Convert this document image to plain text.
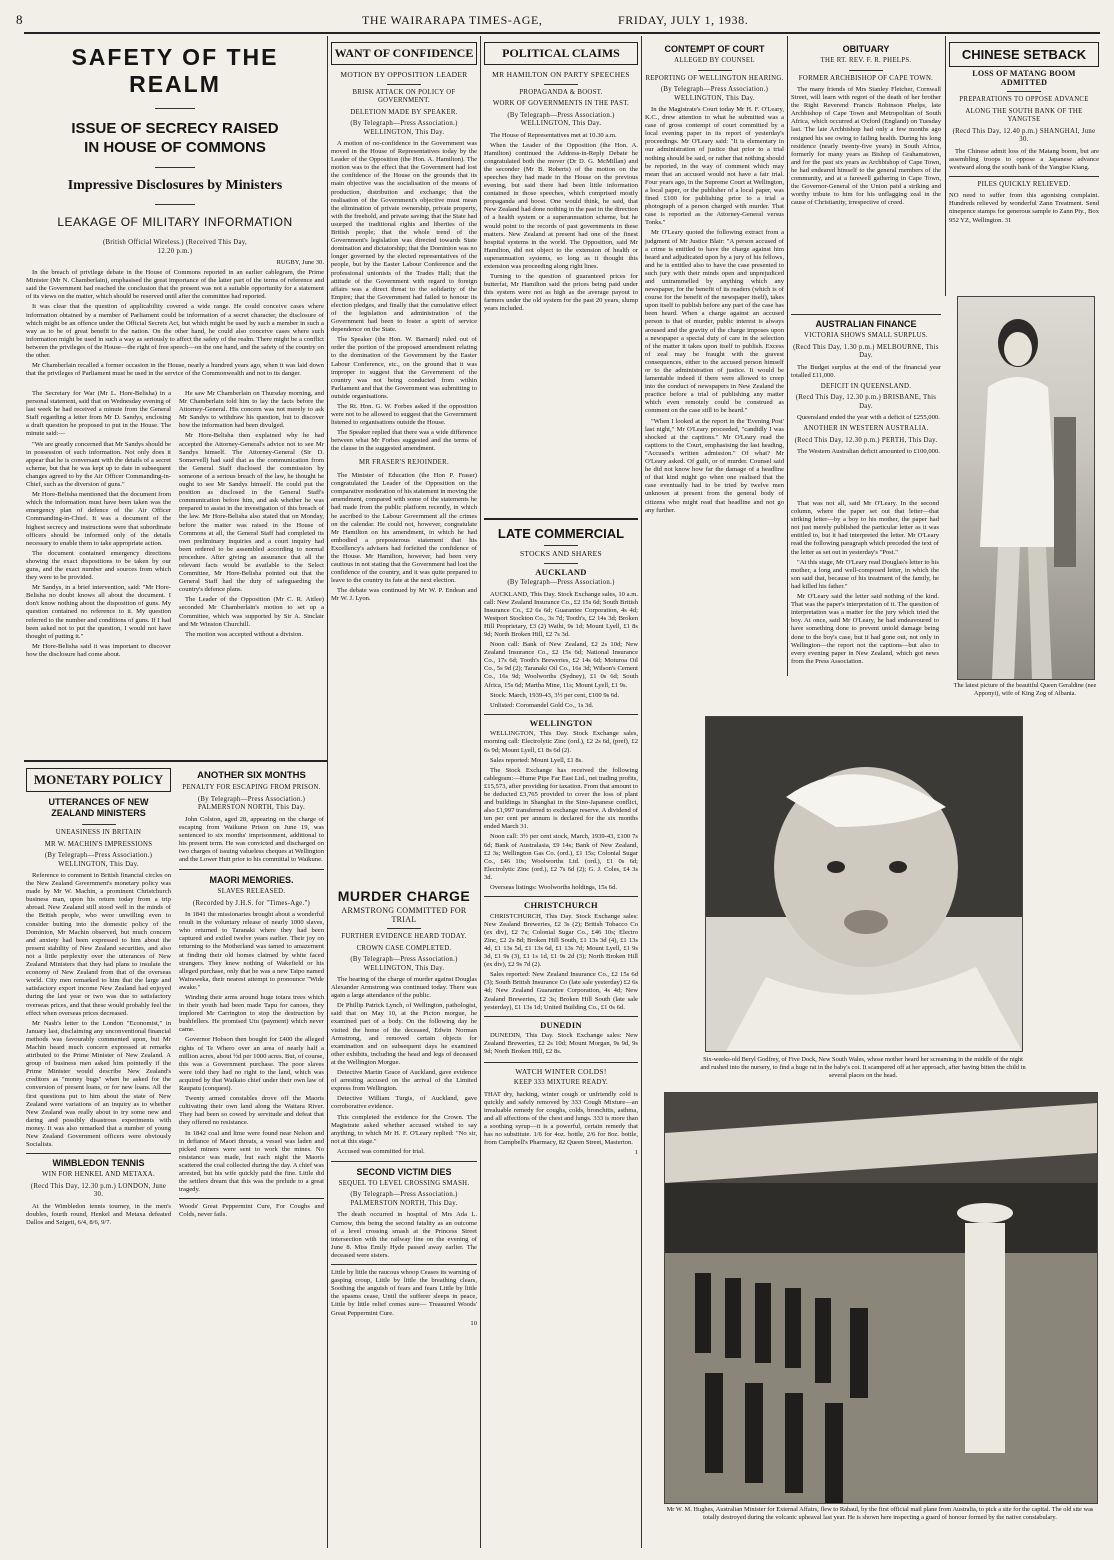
8	THE WAIRARAPA TIMES-AGE,	FRIDAY, JULY 1, 1938.
SAFETY OF THE REALM
ISSUE OF SECRECY RAISED IN HOUSE OF COMMONS
Impressive Disclosures by Ministers
LEAKAGE OF MILITARY INFORMATION
(British Official Wireless.) (Received This Day, 12.20 p.m.)
RUGBY, June 30.

In the breach of privilege debate in the House of Commons reported in an earlier cablegram, the Prime Minister (Mr N. Chamberlain), emphasised the great importance of the latter part of the terms of reference and said the Government had reached the conclusion that the present was not a suitable opportunity for a statement of its views on the matter, which should be reserved until after the committee had reported.

It was clear that the question of applicability covered a wide range. He could conceive cases where information obtained by a member of Parliament could be information of a secret character, the disclosure of which might be an offence under the Official Secrets Act, but which might be used by such a member in such a way as to be of great benefit to the nation. On the other hand, he could also conceive cases where such information might be used in such a way as seriously to affect the safety of the realm. There might be a conflict between the privileges of the House—the right of free speech—on the one hand, and the safety of the country on the other.

Mr Chamberlain recalled a former occasion in the House, nearly a hundred years ago, when it was laid down that the privileges of Parliament must be used in the service of the Commonwealth and not to its danger.

The Secretary for War (Mr L. Hore-Belisha) in a personal statement, said that on Wednesday evening of last week he had received a minute from the General Staff regarding a letter from Mr D. Sandys, enclosing a draft question he proposed to put in the House. The minute said:—

"We are greatly concerned that Mr Sandys should be in possession of such information. Not only does it appear that he is conversant with the details of a secret scheme, but that he was kept up to date in subsequent changes agreed to by the Air Officer Commanding-in-Chief, such as the diversion of guns."

Mr Hore-Belisha mentioned that the document from which the information must have been taken was the emergency plan of defence of the Air Officer Commanding-in-Chief. It was a document of the highest secrecy and instructions were that subordinate officers should be informed only of the details necessary to enable them to take appropriate action.

The document contained emergency directions showing the exact dispositions to be taken by our guns, and the exact number and sources from which they were to be provided.

Mr Sandys, in a brief intervention, said: "Mr Hore-Belisha no doubt knows all about the document. I don't know nothing about the disposition of guns. My question contained no reference to it. My question referred to the number and conditions of guns. If I had been asked not to put the question, I would not have thought of putting it."

Mr Hore-Belisha said it was important to discover how the disclosure had come about.

He saw Mr Chamberlain on Thursday morning, and Mr Chamberlain told him to lay the facts before the Attorney-General. His concern was not merely to ask Mr Sandys to withdraw his question, but to discover how the information had been divulged.

Mr Hore-Belisha then explained why he had accepted the Attorney-General's advice not to see Mr Sandys himself. The Attorney-General (Sir D. Somervell) had said that as the communication from the General Staff disclosed the commission by someone of a serious breach of the law, he thought he ought to see Mr Sandys himself. He could put the position as disclosed in the General Staff's communication before him, and ask whether he was prepared to assist in the investigation of this breach of the law. Mr Hore-Belisha also stated that on Monday, before the matter was raised in the House of Commons at all, the General Staff had completed its own preliminary inquiries and a court inquiry had been ordered to be assembled according to normal procedure. After giving an assurance that all the relevant facts would be available to the Select Committee, Mr Hore-Belisha pointed out that the General Staff had the duty of safeguarding the country's defence plans.

The Leader of the Opposition (Mr C. R. Attlee) seconded Mr Chamberlain's motion to set up a Committee, which was supported by Sir A. Sinclair and Mr Winston Churchill.

The motion was accepted without a division.

MONETARY POLICY
UTTERANCES OF NEW ZEALAND MINISTERS
UNEASINESS IN BRITAIN
MR W. MACHIN'S IMPRESSIONS
(By Telegraph—Press Association.) WELLINGTON, This Day.

Reference to comment in British financial circles on the New Zealand Government's monetary policy was made by Mr W. Machin, a prominent Christchurch business man, upon his return today from a trip abroad. New Zealand still stood well in the minds of the British people, who were unwilling even to consider butting into the domestic policy of the Dominion, Mr Machin observed, but much concern and anxiety had been expressed to him about the present stability of New Zealand securities, and also not a little perplexity over the utterances of New Zealand Ministers that they had plans to insulate the economy of New Zealand from that of the overseas world. City men remarked to him that the large and satisfactory export income New Zealand had enjoyed during the last year or two was due to satisfactory overseas prices, and that these would probably feel the effect when overseas prices decreased.

Mr Nash's letter to the London "Economist," in January last, disclaiming any unconventional financial methods was favourably commented upon, but Mr Machin heard much concern expressed at remarks attributed to the Prime Minister of New Zealand. A group of business men asked him pointedly if the Prime Minister would describe New Zealand's creditors as "money bugs" when he asked for the conversion of present loans, or for new loans. All the first questions put to him about the state of New Zealand were variations of an inquiry as to whether New Zealand was really about to try some new and daring and possibly disastrous experiments with money. It was also remarked that a number of young New Zealand Government officers were obviously Socialists.

WIMBLEDON TENNIS
WIN FOR HENKEL AND METAXA.
(Recd This Day, 12.30 p.m.) LONDON, June 30.

At the Wimbledon tennis tourney, in the men's doubles, fourth round, Henkel and Metaxa defeated Dallos and Szigeti, 6/4, 8/6, 9/7.

ANOTHER SIX MONTHS
PENALTY FOR ESCAPING FROM PRISON.
(By Telegraph—Press Association.) PALMERSTON NORTH, This Day.

John Colston, aged 28, appearing on the charge of escaping from Waikune Prison on June 19, was sentenced to six months' imprisonment, additional to his present term. He was convicted and discharged on two charges of issuing valueless cheques at Wellington and the Lower Hutt prior to his committal to Waikune.

MAORI MEMORIES.
SLAVES RELEASED.
(Recorded by J.H.S. for "Times-Age.")

In 1841 the missionaries brought about a wonderful result in the voluntary release of nearly 1000 slaves, who returned to Taranaki where they had been captured and exiled twelve years earlier. Their joy on returning to the Motherland was tamed to amazement at finding their old homes claimed by white faced strangers. They knew nothing of Wakefield or his alleged purchase, only that he was a new Taipo named Wairaweka, their nearest attempt to pronounce "Wide awake."

Winding their arms around huge totara trees which in their youth had been made Tapu for canoes, they implored Mr Carrington to stop the destruction by bushfellers. He promised Utu (payment) which never came.

Governor Hobson then bought for £400 the alleged rights of Te Whero over an area of nearly half a million acres, about ½d per 1000 acres. But, of course, this was a Government purchase. The poor slaves were told they had no right to the land, which was acquired by that Waikato chief under their own law of Raupatu (conquest).

Twenty armed constables drove off the Maoris cultivating their own land along the Waitara River. They had been so cowed by servitude and defeat that they offered no resistance.

In 1842 coal and lime were found near Nelson and in defiance of Maori threats, a vessel was laden and picked miners were sent to work the mines. No resistance was made, but each night the Maoris scattered the coal collected during the day. A chief was arrested, but his wife quickly paid the fine. Little did the settlers dream that this was the prelude to a great tragedy.

Woods' Great Peppermint Cure, For Coughs and Colds, never fails.

WANT OF CONFIDENCE
MOTION BY OPPOSITION LEADER
BRISK ATTACK ON POLICY OF GOVERNMENT.
DELETION MADE BY SPEAKER.
(By Telegraph—Press Association.) WELLINGTON, This Day.

A motion of no-confidence in the Government was moved in the House of Representatives today by the Leader of the Opposition (the Hon. A. Hamilton). The motion was to the effect that the Government had lost the confidence of the House on the grounds that its main objective was the socialisation of the means of production, distribution and exchange; that the realisation of the Government's objective must mean the elimination of private ownership, private property, with the freehold, and private saving; that the State had usurped the traditional rights and liberties of the British people; that the whole trend of the Government's legislation was directed towards State domination and dictatorship; that the Dominion was no longer governed by the elected representatives of the people, but by the Easter Labour Conference and the professional unionists of the Trades Hall; that the attitude of the Government with regard to foreign affairs was a direct threat to the solidarity of the Empire; that the Government had failed to honour its election pledges, and finally that the cumulative effect of the legislation and administration of the Government had been to foster a spirit of service dependence on the State.

The Speaker (the Hon. W. Barnard) ruled out of order the portion of the proposed amendment relating to the domination of the Government by the Easter Labour Conference, etc., on the ground that it was improper to suggest that the Government of the country was not being conducted from within Parliament and that the Government was submitting to outside organisations.

The Rt. Hon. G. W. Forbes asked if the opposition were not to be allowed to suggest that the Government listened to organisations outside the House.

The Speaker replied that there was a wide difference between what Mr Forbes suggested and the terms of the clause in the suggested amendment.

MR FRASER'S REJOINDER.

The Minister of Education (the Hon P. Fraser) congratulated the Leader of the Opposition on the comparative moderation of his statement in moving the amendment, compared with some of the statements he had made from the public platform recently, in which he ascribed to the Labour Government all the crimes on the calendar. He could not, however, congratulate Mr Hamilton on his amendment, in which he had embodied a preposterous statement that his Excellency's advisers had forfeited the confidence of the House. Mr Hamilton, however, had been very cautious in not stating that the Government had lost the confidence of the country, and it was quite prepared to leave to the country its fate at the next election.

The debate was continued by Mr W. P. Endean and Mr W. J. Lyon.

MURDER CHARGE
ARMSTRONG COMMITTED FOR TRIAL
FURTHER EVIDENCE HEARD TODAY.
CROWN CASE COMPLETED.
(By Telegraph—Press Association.) WELLINGTON, This Day.

The hearing of the charge of murder against Douglas Alexander Armstrong was continued today. There was again a large attendance of the public.

Dr Phillip Patrick Lynch, of Wellington, pathologist, said that on May 10, at the Picton morgue, he examined part of a body. On the following day he visited the home of the deceased, Edwin Norman Armstrong, and removed certain objects for examination and on subsequent days he examined other exhibits, including the head and legs of deceased at the Wellington Morgue.

Detective Martin Grace of Auckland, gave evidence of arresting accused on the arrival of the Limited express from Wellington.

Detective William Turgis, of Auckland, gave corroborative evidence.

This completed the evidence for the Crown. The Magistrate asked whether accused wished to say anything, to which Mr H. F. O'Leary replied: "No sir, not at this stage."

Accused was committed for trial.

SECOND VICTIM DIES
SEQUEL TO LEVEL CROSSING SMASH.
(By Telegraph—Press Association.) PALMERSTON NORTH, This Day.

The death occurred in hospital of Mrs Ada L. Curnow, this being the second fatality as an outcome of a level crossing smash at the Princess Street intersection with the railway line on the evening of June 8. Miss Emily Hyde passed away earlier. The deceased were sisters.

Little by little the raucous whoop Ceases its warning of gasping croup, Little by little the breathing clears, Soothing the anguish of fears and fears Little by little the spasms cease, Until the sufferer sleeps in peace, Little by little relief comes sure— Treasured Woods' Great Peppermint Cure.

10
POLITICAL CLAIMS
MR HAMILTON ON PARTY SPEECHES
PROPAGANDA & BOOST.
WORK OF GOVERNMENTS IN THE PAST.
(By Telegraph—Press Association.) WELLINGTON, This Day.

The House of Representatives met at 10.30 a.m.

When the Leader of the Opposition (the Hon. A. Hamilton) continued the Address-in-Reply Debate he congratulated both the mover (Dr D. G. McMillan) and the seconder (Mr B. Roberts) of the motion on the speeches they had made in the House on the previous evening, but said there had been little information contained in those speeches, which comprised mostly propaganda and boost. One would think, he said, that New Zealand had done nothing in the past in the direction of a health system or a superannuation scheme, but he would point to the records of past governments in these matters. New Zealand at present had one of the finest hospital systems in the world. The Opposition, said Mr Hamilton, did not object to the extension of health or superannuation systems, so long as it thought this extension was proceeding along right lines.

Turning to the question of guaranteed prices for butterfat, Mr Hamilton said the prices being paid under this system were not as high as the average payout to farmers under the old system for the past 20 years, slump years included.

LATE COMMERCIAL
STOCKS AND SHARES
AUCKLAND
(By Telegraph—Press Association.)

AUCKLAND, This Day. Stock Exchange sales, 10 a.m. call: New Zealand Insurance Co., £2 15s 6d; South British Insurance Co., £2 6s 6d; Guarantee Corporation, 4s 4d; Westport Stockton Co., 3s 7d; Tooth's, £2 14s 3d; Broken Hill Proprietary, £3 (2) Waihi, 9s 1d; Mount Lyell, £1 8s 9d; North Broken Hill, £2 7s 3d.

Noon call: Bank of New Zealand, £2 2s 10d; New Zealand Insurance Co., £2 15s 6d; National Insurance Co., 17s 6d; Tooth's Breweries, £2 14s 6d; Moturoa Oil Co., 5s 9d (2); Taranaki Oil Co., 16s 3d; Wilson's Cement Co., 16s 9d; Woolworths (Sydney), £1 0s 6d; South Africa, 15s 6d; Martha Mine, 11s; Mount Lyell, £1 9s.

Stock: March, 1939-43, 3½ per cent, £100 9s 6d.

Unlisted: Coromandel Gold Co., 1s 3d.

WELLINGTON

WELLINGTON, This Day. Stock Exchange sales, morning call: Electrolytic Zinc (ord.), £2 2s 6d, (pref), £2 6s 9d; Mount Lyell, £1 8s 6d (2).

Sales reported: Mount Lyell, £1 8s.

The Stock Exchange has received the following cablegram:—Hume Pipe Far East Ltd., net trading profits, £15,573, after providing for taxation. From that amount to be deducted £3,765 provided to cover the loss of plant and buildings in Shanghai in the Sino-Japanese conflict, also £1,997 transferred to exchange reserve. A dividend of ten per cent per annum is declared for the six months ended March 31.

Noon call: 3½ per cent stock, March, 1939-43, £100 7s 6d; Bank of Australasia, £9 14s; Bank of New Zealand, £2 3s; Wellington Gas Co. (ord.), £1 15s; Colonial Sugar Co., £46 10s; Woolworths Ltd. (ord.), £1 0s 6d; Electrolytic Zinc (ord.), £2 7s 6d (2); G. J. Coles, £4 3s 3d.

Overseas listings: Woolworths holdings, 15s 6d.

CHRISTCHURCH

CHRISTCHURCH, This Day. Stock Exchange sales: New Zealand Breweries, £2 3s (2); British Tobacco Co (ex div), £2 7s; Colonial Sugar Co., £46 10s; Electro Zinc, £2 2s 8d; Broken Hill South, £1 13s 3d (4), £1 13s 4d, £1 13s 5d, £1 13s 6d, £1 13s 7d; Mount Lyell, £1 9s 3d, £1 9s (3), £1 1s 1d, £1 9s 2d (3); North Broken Hill (ex div), £2 9s 7d (2).

Sales reported: New Zealand Insurance Co., £2 15s 6d (3); South British Insurance Co (late sale yesterday) £2 6s 4d; New Zealand Guarantee Corporation, 4s 4d; New Zealand Breweries, £2 3s; Broken Hill South (late sale yesterday), £1 13s 1d; United Building Co., £1 0s 6d.

DUNEDIN

DUNEDIN, This Day. Stock Exchange sales: New Zealand Breweries, £2 2s 10d; Mount Morgan, 9s 9d, 9s 9d; North Broken Hill, £2 8s.

WATCH WINTER COLDS!
KEEP 333 MIXTURE READY.

THAT dry, hacking, winter cough or unfriendly cold is quickly and safely removed by 333 Cough Mixture—an invaluable remedy for coughs, colds, bronchitis, asthma, and all affections of the chest and lungs. 333 is more than a soothing syrup—it is a powerful, certain remedy that has no substitute. 1/6 for 4oz. bottle, 2/6 for 8oz. bottle, from Campbell's Pharmacy, 82 Queen Street, Masterton.

1
CONTEMPT OF COURT
ALLEGED BY COUNSEL
REPORTING OF WELLINGTON HEARING.
(By Telegraph—Press Association.) WELLINGTON, This Day.

In the Magistrate's Court today Mr H. F. O'Leary, K.C., drew attention to what he submitted was a case of gross contempt of court committed by a local evening paper in its report of yesterday's proceedings. Mr O'Leary said: "It is elementary in our administration of justice that prior to a trial nothing should be said, or rather that nothing should be reported, in the way of comment which may mean that an accused would not have a fair trial. Four years ago, in the Supreme Court at Wellington, a local paper, or the publisher of a local paper, was fined £100 for publishing prior to a trial a photograph of a person charged with murder. That case is reported as the Attorney-General versus Tonks."

Mr O'Leary quoted the following extract from a judgment of Mr Justice Blair: "A person accused of a crime is entitled to have the charge against him heard and adjudicated upon by a jury of his fellows, and he is entitled also to have the case presented to such jury with their minds open and unprejudiced and untrammelled by anything which any newspaper, for the benefit of its readers (which is of course for the benefit of the newspaper itself), takes upon itself to publish before any part of the case has been heard. When a charge against an accused person is that of murder, public interest is always aroused and the gravity of the charge imposes upon a newspaper a special duty of care in the selection of the matter it takes upon itself to publish. Excess of zeal may be fraught with the gravest consequences, either to the accused person himself or to the administration of justice. It would be lamentable indeed if there were allowed to creep into the conduct of newspapers in New Zealand the practice before a trial of publishing any matter which even remotely could be construed as comment on the case still to be heard."

"When I looked at the report in the 'Evening Post' last night," Mr O'Leary proceeded, "candidly I was shocked at the captions." Mr O'Leary read the captions to the Court, emphasising the last heading, "Accused's written admission." Of what? Mr O'Leary asked. Of guilt, or of murder. Counsel said he did not know how far the damage of a headline of that kind might go when one realised that the case eventually had to be tried by twelve men unknown at present from the general body of citizens who might read that headline and not go any further.

That was not all, said Mr O'Leary. In the second column, where the paper set out that letter—that striking letter—by a boy to his mother, the paper had not just merely published the particular letter as it was entitled to, but it had interpreted the letter. Mr O'Leary read the following paragraph which preceded the text of the letter as set out in yesterday's "Post."

"At this stage, Mr O'Leary read Douglas's letter to his mother, a long and well-composed letter, in which the son said that, because of his treatment of the family, he had killed his father."

Mr O'Leary said the letter said nothing of the kind. That was the paper's interpretation of it. The question of interpretation was a matter for the jury which tried the boy. At once, said Mr O'Leary, he had endeavoured to have something done to prevent untold damage being done to the boy's case, but it had gone out, not only in Wellington—the report not the captions—but also to every evening paper in New Zealand, which got news from the Press Association.

OBITUARY
THE RT. REV. F. R. PHELPS.
FORMER ARCHBISHOP OF CAPE TOWN.

The many friends of Mrs Stanley Fletcher, Cornwall Street, will learn with regret of the death of her brother the Right Reverend Francis Robinson Phelps, late Archbishop of Cape Town and Metropolitan of South Africa, which occurred at Oxford (England) on Tuesday last. The late Archbishop had only a few months ago resigned his see owing to failing health. During his long residence (nearly twenty-five years) in South Africa, formerly for many years as Bishop of Grahamstown, and for the past six years as Archbishop of Cape Town, he had endeared himself to the general members of the community, and at a farewell gathering in Cape Town, the Governor-General of the Union paid a striking and worthy tribute to him for his unflagging zeal in the cause of Christianity, irrespective of creed.

AUSTRALIAN FINANCE
VICTORIA SHOWS SMALL SURPLUS.
(Recd This Day, 1.30 p.m.) MELBOURNE, This Day.

The Budget surplus at the end of the financial year totalled £11,000.

DEFICIT IN QUEENSLAND.
(Recd This Day, 12.30 p.m.) BRISBANE, This Day.

Queensland ended the year with a deficit of £255,000.

ANOTHER IN WESTERN AUSTRALIA.
(Recd This Day, 12.30 p.m.) PERTH, This Day.

The Western Australian deficit amounted to £100,000.

CHINESE SETBACK
LOSS OF MATANG BOOM ADMITTED
PREPARATIONS TO OPPOSE ADVANCE
ALONG THE SOUTH BANK OF THE YANGTSE
(Recd This Day, 12.40 p.m.) SHANGHAI, June 30.

The Chinese admit loss of the Matang boom, but are assembling troops to oppose a Japanese advance westward along the south bank of the Yangtse Kiang.

PILES QUICKLY RELIEVED.

NO need to suffer from this agonising complaint. Hundreds relieved by wonderful Zann Treatment. Send ninepence stamps for generous sample to Zann Pty., Box 952 YZ, Wellington. 31

The latest picture of the beautiful Queen Geraldine (nee Apponyi), wife of King Zog of Albania.
Six-weeks-old Beryl Godfrey, of Five Dock, New South Wales, whose mother heard her screaming in the middle of the night and rushed into the nursery, to find a huge rat in the baby's cot. It scampered off at her approach, after having bitten the child in several places on the head.
Mr W. M. Hughes, Australian Minister for External Affairs, flew to Rabaul, by the first official mail plane from Australia, to pick a site for the capital. The old site was totally destroyed during the volcanic upheaval last year. He is shown here inspecting a guard of honour formed by the native constabulary.
